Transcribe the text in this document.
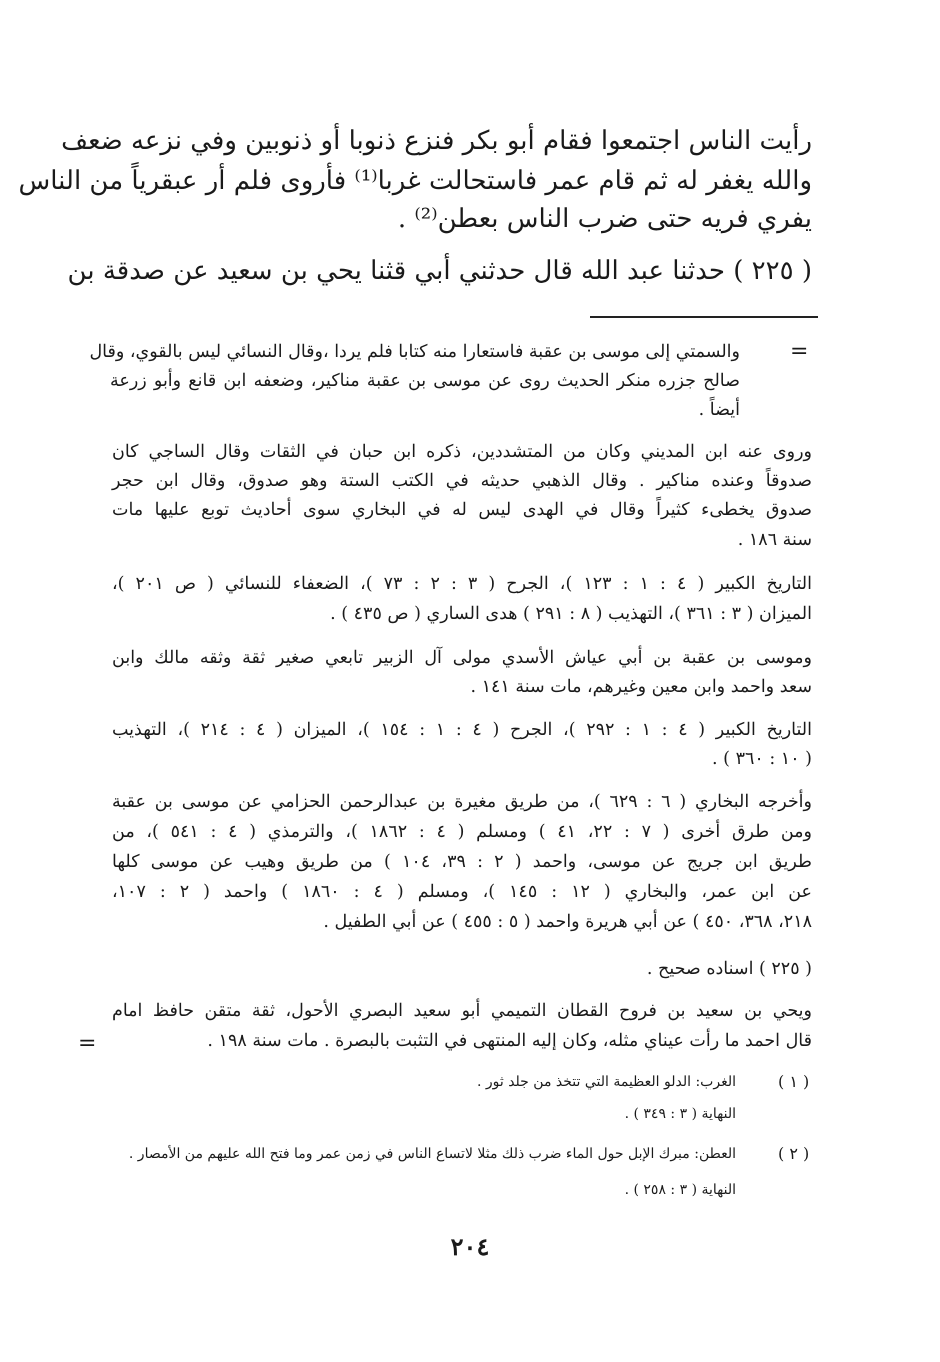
رأيت الناس اجتمعوا فقام أبو بكر فنزع ذنوبا أو ذنوبين وفي نزعه ضعف
والله يغفر له ثم قام عمر فاستحالت غربا⁽¹⁾ فأروى فلم أر عبقرياً من الناس
يفري فريه حتى ضرب الناس بعطن⁽²⁾ .
( ٢٢٥ ) حدثنا عبد الله قال حدثني أبي قثنا يحي بن سعيد عن صدقة بن
=
والسمتي إلى موسى بن عقبة فاستعارا منه كتابا فلم يردا ،وقال النسائي ليس بالقوي، وقال
صالح جزره منكر الحديث روى عن موسى بن عقبة مناكير، وضعفه ابن قانع وأبو زرعة
أيضاً .
وروى عنه ابن المديني وكان من المتشددين، ذكره ابن حبان في الثقات وقال الساجي كان
صدوقاً وعنده مناكير . وقال الذهبي حديثه في الكتب الستة وهو صدوق، وقال ابن حجر
صدوق يخطىء كثيراً وقال في الهدى ليس له في البخاري سوى أحاديث توبع عليها مات
سنة ١٨٦ .
التاريخ الكبير ( ٤ : ١ : ١٢٣ )، الجرح ( ٣ : ٢ : ٧٣ )، الضعفاء للنسائي ( ص ٢٠١ )،
الميزان ( ٣ : ٣٦١ )، التهذيب ( ٨ : ٢٩١ ) هدى الساري ( ص ٤٣٥ ) .
وموسى بن عقبة بن أبي عياش الأسدي مولى آل الزبير تابعي صغير ثقة وثقه مالك وابن
سعد واحمد وابن معين وغيرهم، مات سنة ١٤١ .
التاريخ الكبير ( ٤ : ١ : ٢٩٢ )، الجرح ( ٤ : ١ : ١٥٤ )، الميزان ( ٤ : ٢١٤ )، التهذيب
( ١٠ : ٣٦٠ ) .
وأخرجه البخاري ( ٦ : ٦٢٩ )، من طريق مغيرة بن عبدالرحمن الحزامي عن موسى بن عقبة
ومن طرق أخرى ( ٧ : ٢٢، ٤١ ) ومسلم ( ٤ : ١٨٦٢ )، والترمذي ( ٤ : ٥٤١ )، من
طريق ابن جريج عن موسى، واحمد ( ٢ : ٣٩، ١٠٤ ) من طريق وهيب عن موسى كلها
عن ابن عمر، والبخاري ( ١٢ : ١٤٥ )، ومسلم ( ٤ : ١٨٦٠ ) واحمد ( ٢ : ١٠٧،
٢١٨، ٣٦٨، ٤٥٠ ) عن أبي هريرة واحمد ( ٥ : ٤٥٥ ) عن أبي الطفيل .
( ٢٢٥ ) اسناده صحيح .
ويحي بن سعيد بن فروح القطان التميمي أبو سعيد البصري الأحول، ثقة متقن حافظ امام
قال احمد ما رأت عيناي مثله، وكان إليه المنتهى في التثبت بالبصرة . مات سنة ١٩٨ .
=
( ١ )
الغرب: الدلو العظيمة التي تتخذ من جلد ثور .
النهاية ( ٣ : ٣٤٩ ) .
( ٢ )
العطن: مبرك الإبل حول الماء ضرب ذلك مثلا لاتساع الناس في زمن عمر وما فتح الله عليهم من الأمصار .
النهاية ( ٣ : ٢٥٨ ) .
٢٠٤
